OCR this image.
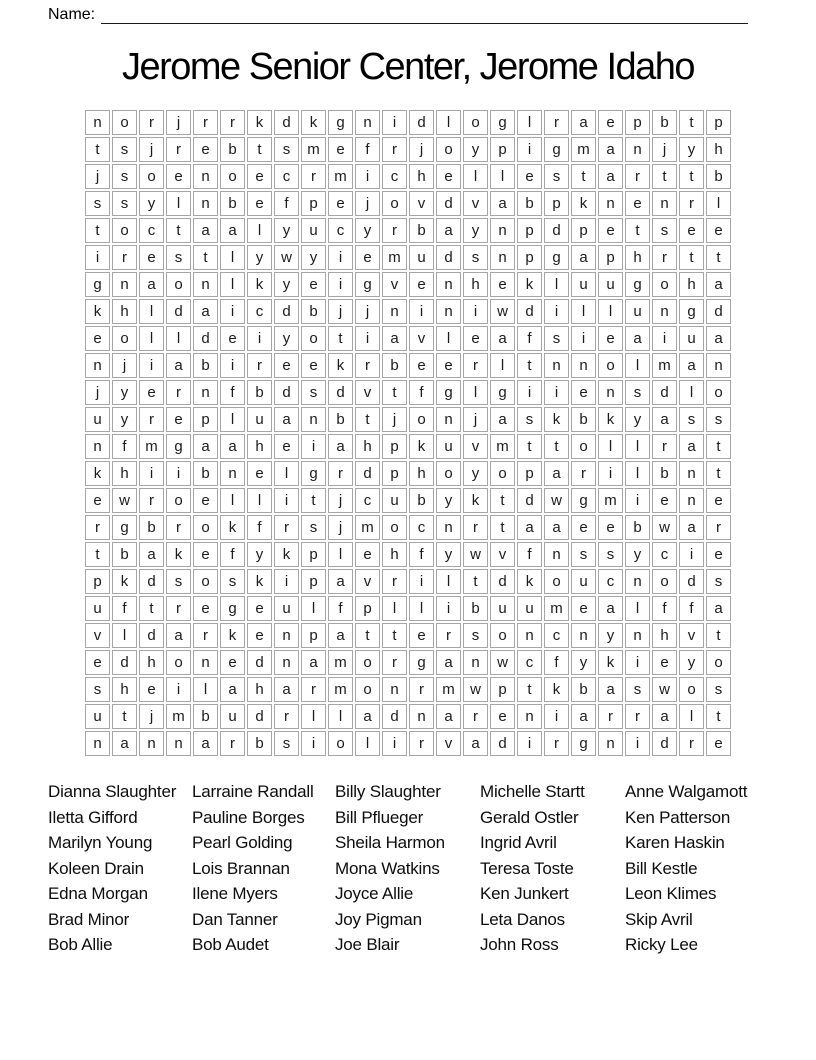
Name:
Jerome Senior Center, Jerome Idaho
n	o	r	j	r	r	k	d	k	g	n	i	d	l	o	g	l	r	a	e	p	b	t	p
t	s	j	r	e	b	t	s	m	e	f	r	j	o	y	p	i	g	m	a	n	j	y	h
j	s	o	e	n	o	e	c	r	m	i	c	h	e	l	l	e	s	t	a	r	t	t	b
s	s	y	l	n	b	e	f	p	e	j	o	v	d	v	a	b	p	k	n	e	n	r	l
t	o	c	t	a	a	l	y	u	c	y	r	b	a	y	n	p	d	p	e	t	s	e	e
i	r	e	s	t	l	y	w	y	i	e	m	u	d	s	n	p	g	a	p	h	r	t	t
g	n	a	o	n	l	k	y	e	i	g	v	e	n	h	e	k	l	u	u	g	o	h	a
k	h	l	d	a	i	c	d	b	j	j	n	i	n	i	w	d	i	l	l	u	n	g	d
e	o	l	l	d	e	i	y	o	t	i	a	v	l	e	a	f	s	i	e	a	i	u	a
n	j	i	a	b	i	r	e	e	k	r	b	e	e	r	l	t	n	n	o	l	m	a	n
j	y	e	r	n	f	b	d	s	d	v	t	f	g	l	g	i	i	e	n	s	d	l	o
u	y	r	e	p	l	u	a	n	b	t	j	o	n	j	a	s	k	b	k	y	a	s	s
n	f	m	g	a	a	h	e	i	a	h	p	k	u	v	m	t	t	o	l	l	r	a	t
k	h	i	i	b	n	e	l	g	r	d	p	h	o	y	o	p	a	r	i	l	b	n	t
e	w	r	o	e	l	l	i	t	j	c	u	b	y	k	t	d	w	g	m	i	e	n	e
r	g	b	r	o	k	f	r	s	j	m	o	c	n	r	t	a	a	e	e	b	w	a	r
t	b	a	k	e	f	y	k	p	l	e	h	f	y	w	v	f	n	s	s	y	c	i	e
p	k	d	s	o	s	k	i	p	a	v	r	i	l	t	d	k	o	u	c	n	o	d	s
u	f	t	r	e	g	e	u	l	f	p	l	l	i	b	u	u	m	e	a	l	f	f	a
v	l	d	a	r	k	e	n	p	a	t	t	e	r	s	o	n	c	n	y	n	h	v	t
e	d	h	o	n	e	d	n	a	m	o	r	g	a	n	w	c	f	y	k	i	e	y	o
s	h	e	i	l	a	h	a	r	m	o	n	r	m	w	p	t	k	b	a	s	w	o	s
u	t	j	m	b	u	d	r	l	l	a	d	n	a	r	e	n	i	a	r	r	a	l	t
n	a	n	n	a	r	b	s	i	o	l	i	r	v	a	d	i	r	g	n	i	d	r	e
Dianna Slaughter
Iletta Gifford
Marilyn Young
Koleen Drain
Edna Morgan
Brad Minor
Bob Allie
Larraine Randall
Pauline Borges
Pearl Golding
Lois Brannan
Ilene Myers
Dan Tanner
Bob Audet
Billy Slaughter
Bill Pflueger
Sheila Harmon
Mona Watkins
Joyce Allie
Joy Pigman
Joe Blair
Michelle Startt
Gerald Ostler
Ingrid Avril
Teresa Toste
Ken Junkert
Leta Danos
John Ross
Anne Walgamott
Ken Patterson
Karen Haskin
Bill Kestle
Leon Klimes
Skip Avril
Ricky Lee
